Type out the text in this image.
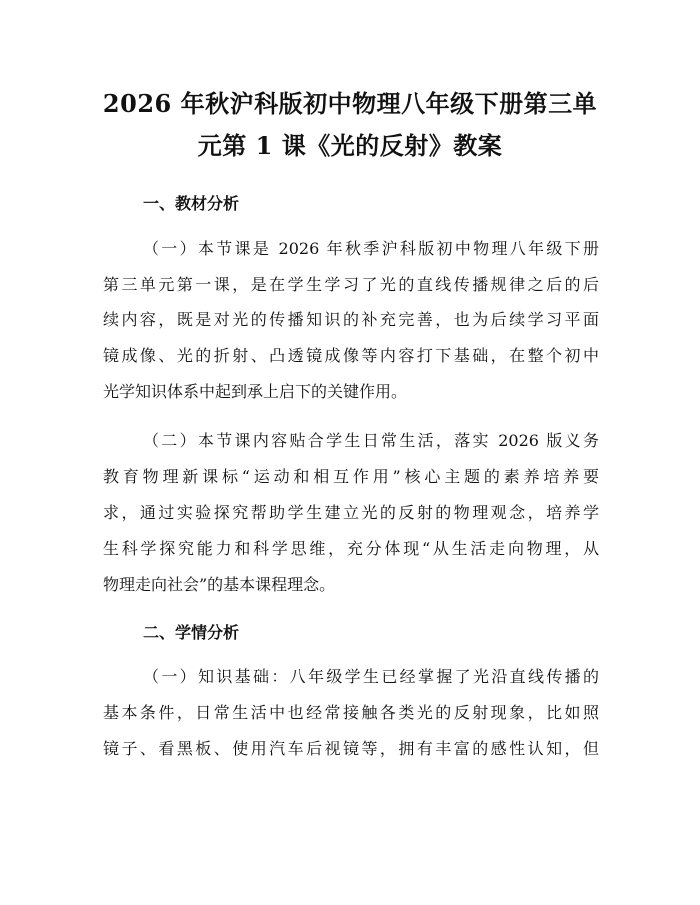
2026 年秋沪科版初中物理八年级下册第三单
元第 1 课《光的反射》教案
一、教材分析
（一）本节课是 2026 年秋季沪科版初中物理八年级下册
第三单元第一课，是在学生学习了光的直线传播规律之后的后
续内容，既是对光的传播知识的补充完善，也为后续学习平面
镜成像、光的折射、凸透镜成像等内容打下基础，在整个初中
光学知识体系中起到承上启下的关键作用。
（二）本节课内容贴合学生日常生活，落实 2026 版义务
教育物理新课标“运动和相互作用”核心主题的素养培养要
求，通过实验探究帮助学生建立光的反射的物理观念，培养学
生科学探究能力和科学思维，充分体现“从生活走向物理，从
物理走向社会”的基本课程理念。
二、学情分析
（一）知识基础：八年级学生已经掌握了光沿直线传播的
基本条件，日常生活中也经常接触各类光的反射现象，比如照
镜子、看黑板、使用汽车后视镜等，拥有丰富的感性认知，但
